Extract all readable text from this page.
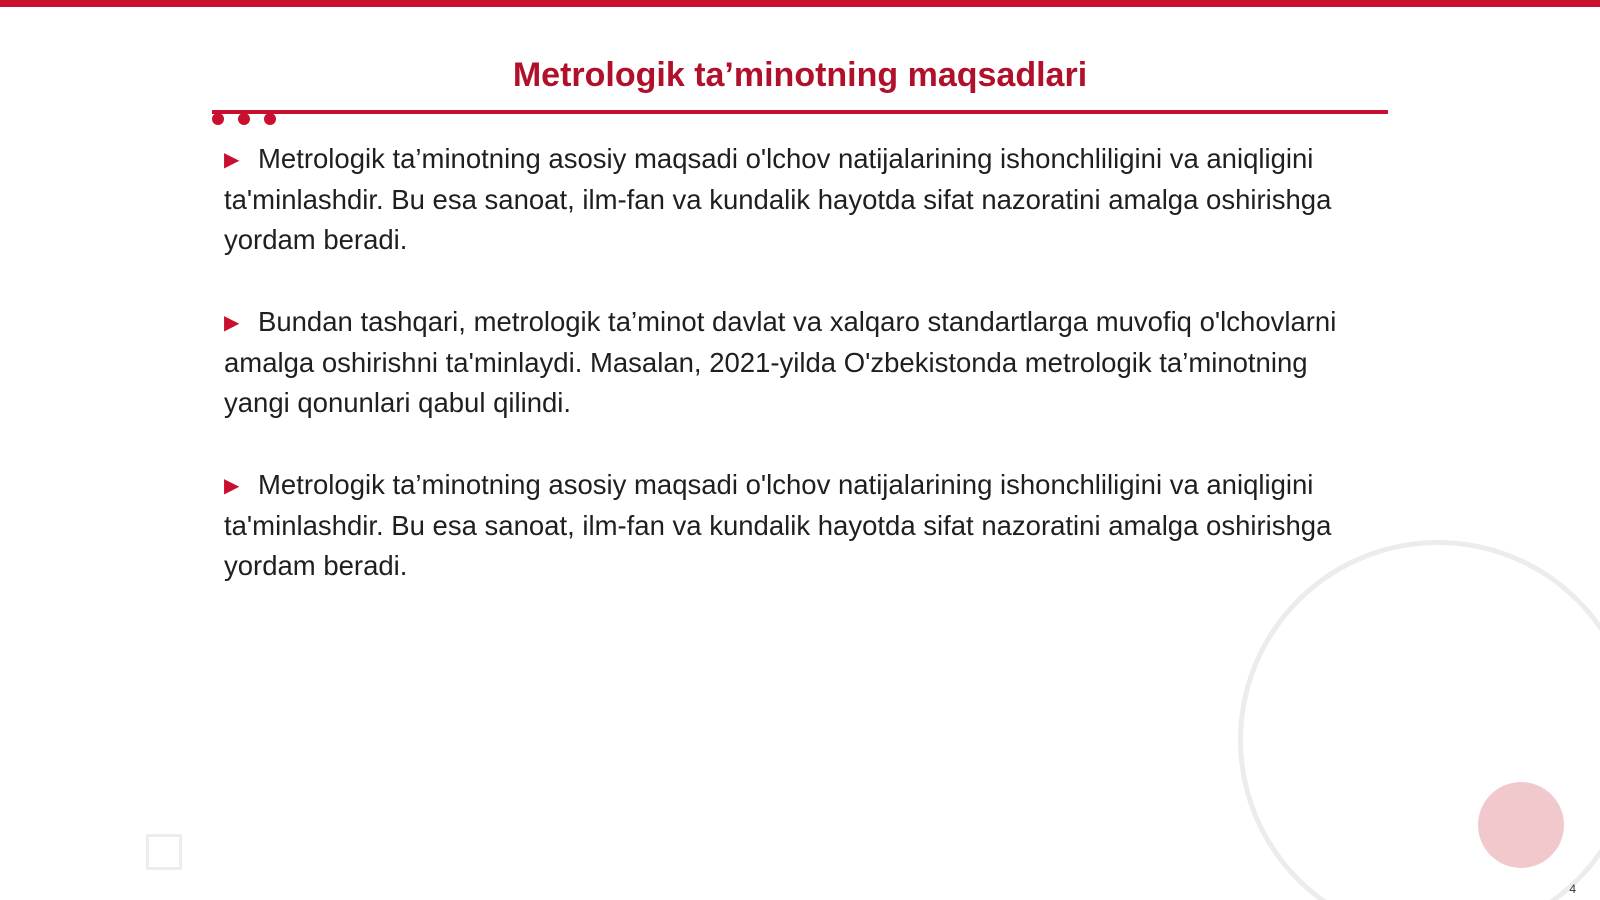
Metrologik ta’minotning maqsadlari
▶ Metrologik ta’minotning asosiy maqsadi o'lchov natijalarining ishonchliligini va aniqligini ta'minlashdir. Bu esa sanoat, ilm-fan va kundalik hayotda sifat nazoratini amalga oshirishga yordam beradi.
▶ Bundan tashqari, metrologik ta’minot davlat va xalqaro standartlarga muvofiq o'lchovlarni amalga oshirishni ta'minlaydi. Masalan, 2021-yilda O'zbekistonda metrologik ta’minotning yangi qonunlari qabul qilindi.
▶ Metrologik ta’minotning asosiy maqsadi o'lchov natijalarining ishonchliligini va aniqligini ta'minlashdir. Bu esa sanoat, ilm-fan va kundalik hayotda sifat nazoratini amalga oshirishga yordam beradi.
4
